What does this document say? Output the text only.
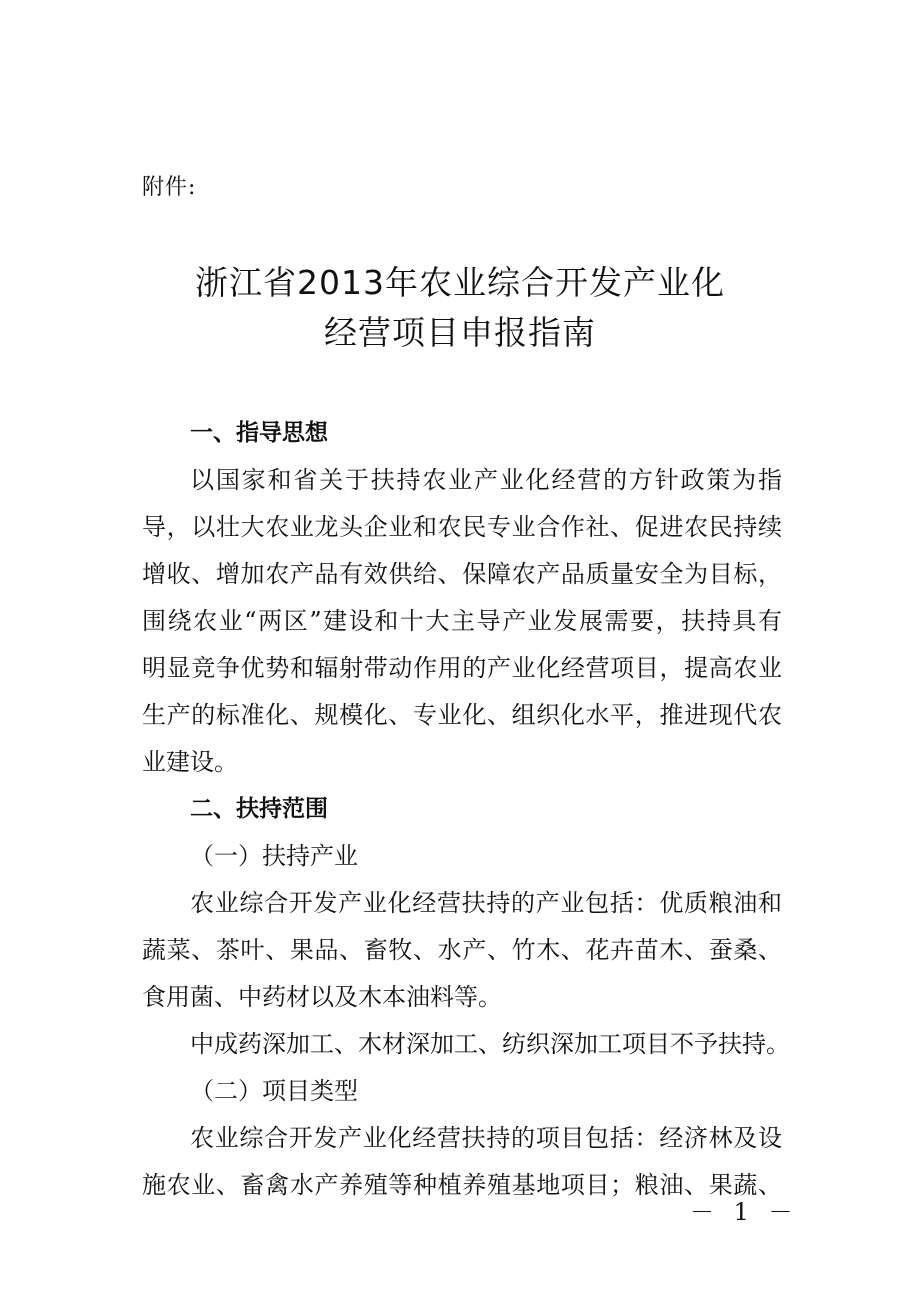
附件:
浙江省2013年农业综合开发产业化
经营项目申报指南
一、指导思想
以国家和省关于扶持农业产业化经营的方针政策为指
导，以壮大农业龙头企业和农民专业合作社、促进农民持续
增收、增加农产品有效供给、保障农产品质量安全为目标，
围绕农业“两区”建设和十大主导产业发展需要，扶持具有
明显竞争优势和辐射带动作用的产业化经营项目，提高农业
生产的标准化、规模化、专业化、组织化水平，推进现代农
业建设。
二、扶持范围
（一）扶持产业
农业综合开发产业化经营扶持的产业包括：优质粮油和
蔬菜、茶叶、果品、畜牧、水产、竹木、花卉苗木、蚕桑、
食用菌、中药材以及木本油料等。
中成药深加工、木材深加工、纺织深加工项目不予扶持。
（二）项目类型
农业综合开发产业化经营扶持的项目包括：经济林及设
施农业、畜禽水产养殖等种植养殖基地项目；粮油、果蔬、
－ 1 －
